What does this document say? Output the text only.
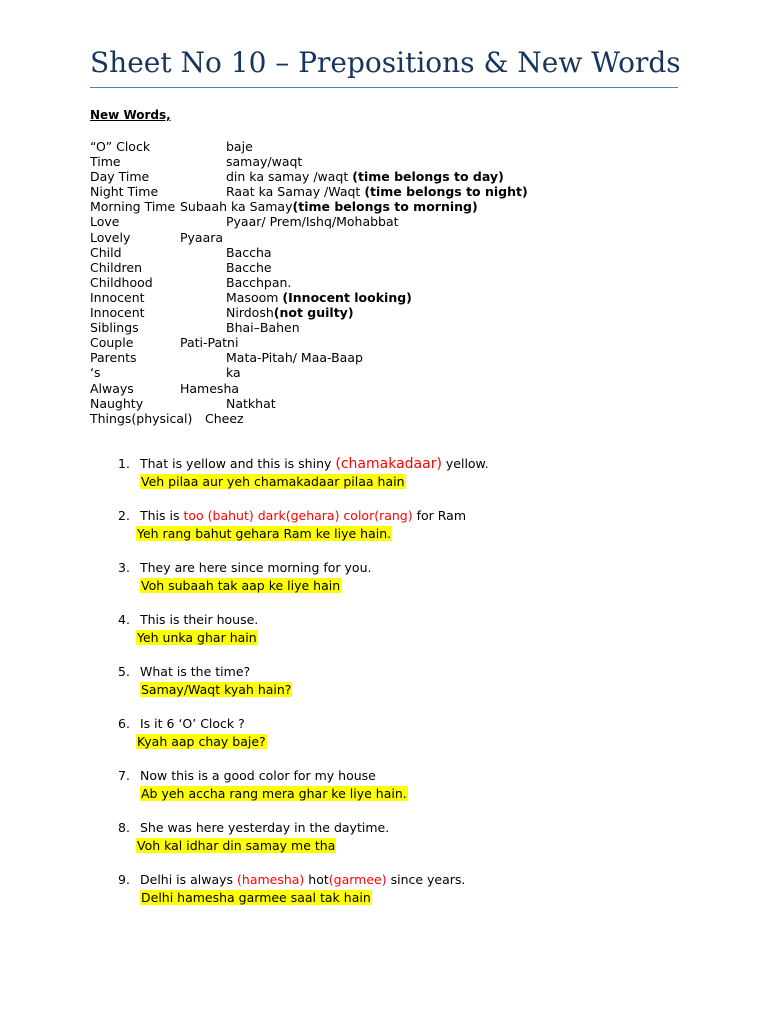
Sheet No 10 – Prepositions & New Words
New Words,
“O” Clock	baje
Time	samay/waqt
Day Time	din ka samay /waqt (time belongs to day)
Night Time	Raat ka Samay /Waqt (time belongs to night)
Morning Time Subaah ka Samay(time belongs to morning)
Love	Pyaar/ Prem/Ishq/Mohabbat
Lovely	Pyaara
Child	Baccha
Children	Bacche
Childhood	Bacchpan.
Innocent	Masoom (Innocent looking)
Innocent	Nirdosh(not guilty)
Siblings	Bhai–Bahen
Couple	Pati-Patni
Parents	Mata-Pitah/ Maa-Baap
‘s	ka
Always	Hamesha
Naughty	Natkhat
Things(physical) Cheez
1. That is yellow and this is shiny (chamakadaar) yellow.
Veh pilaa aur yeh chamakadaar pilaa hain
2. This is too (bahut) dark(gehara) color(rang) for Ram
Yeh rang bahut gehara Ram ke liye hain.
3. They are here since morning for you.
Voh subaah tak aap ke liye hain
4. This is their house.
Yeh unka ghar hain
5. What is the time?
Samay/Waqt kyah hain?
6. Is it 6 ‘O’ Clock ?
Kyah aap chay baje?
7. Now this is a good color for my house
Ab yeh accha rang mera ghar ke liye hain.
8. She was here yesterday in the daytime.
Voh kal idhar din samay me tha
9. Delhi is always (hamesha) hot(garmee) since years.
Delhi hamesha garmee saal tak hain
